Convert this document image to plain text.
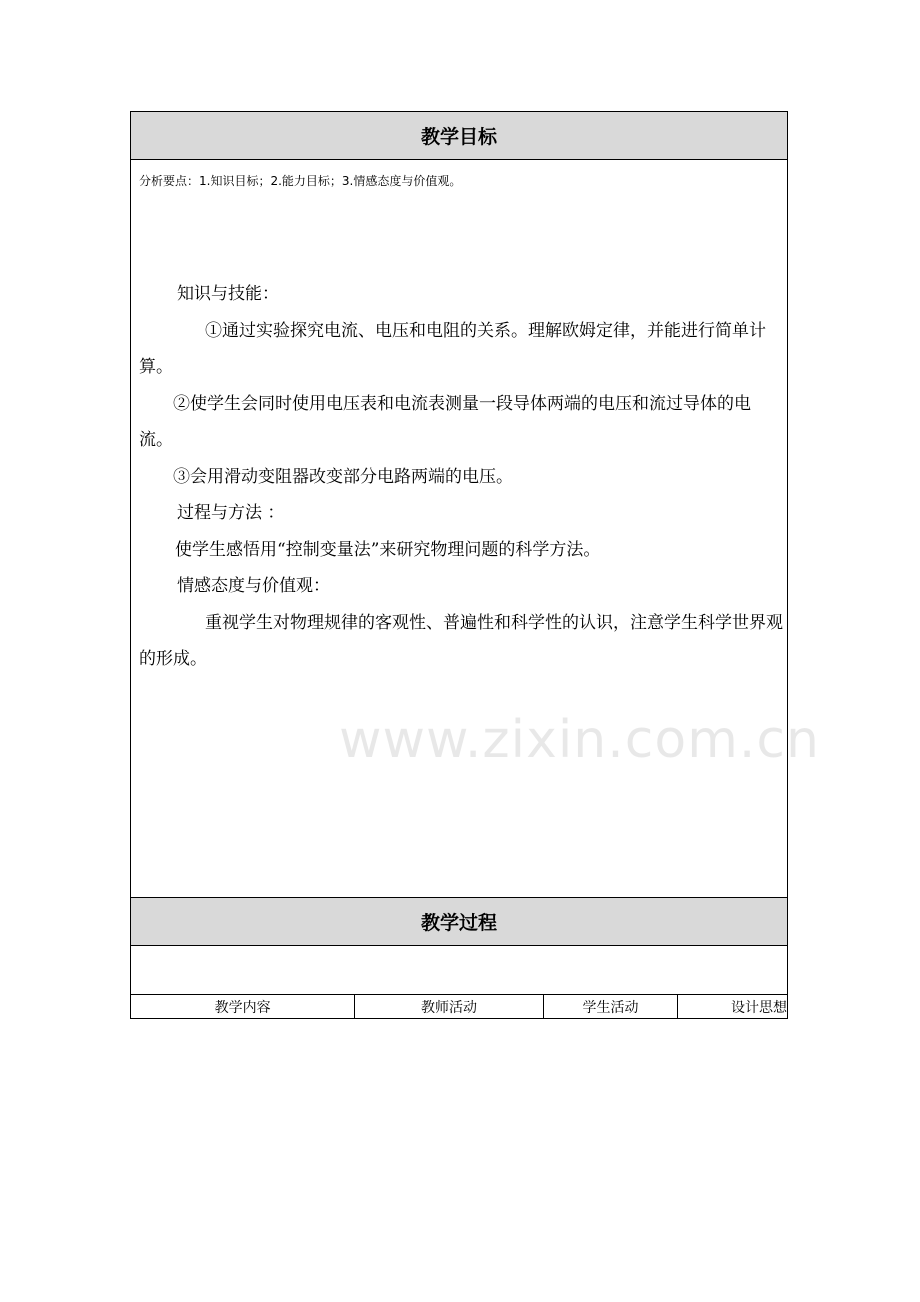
教学目标
分析要点：1.知识目标；2.能力目标；3.情感态度与价值观。

知识与技能：

①通过实验探究电流、电压和电阻的关系。理解欧姆定律，并能进行简单计算。

②使学生会同时使用电压表和电流表测量一段导体两端的电压和流过导体的电流。

③会用滑动变阻器改变部分电路两端的电压。

过程与方法 ：

使学生感悟用“控制变量法”来研究物理问题的科学方法。

情感态度与价值观：

重视学生对物理规律的客观性、普遍性和科学性的认识，注意学生科学世界观的形成。

www.zixin.com.cn
教学过程
教学内容	教师活动	学生活动	设计思想
